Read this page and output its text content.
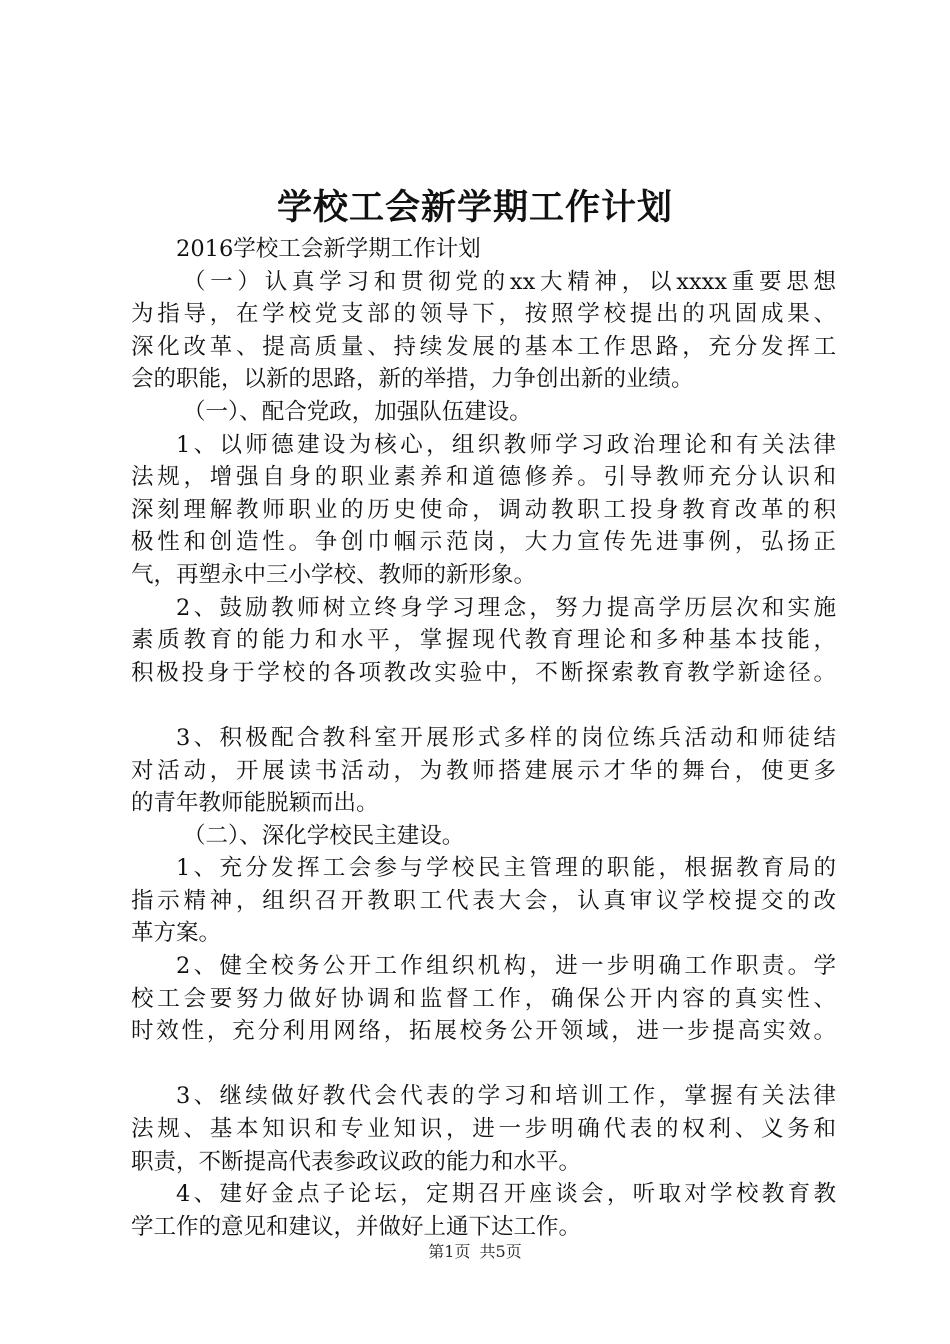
学校工会新学期工作计划
2016学校工会新学期工作计划
（一）认真学习和贯彻党的xx大精神，以xxxx重要思想
为指导，在学校党支部的领导下，按照学校提出的巩固成果、
深化改革、提高质量、持续发展的基本工作思路，充分发挥工
会的职能，以新的思路，新的举措，力争创出新的业绩。
（一）、配合党政，加强队伍建设。
1、以师德建设为核心，组织教师学习政治理论和有关法律
法规，增强自身的职业素养和道德修养。引导教师充分认识和
深刻理解教师职业的历史使命，调动教职工投身教育改革的积
极性和创造性。争创巾帼示范岗，大力宣传先进事例，弘扬正
气，再塑永中三小学校、教师的新形象。
2、鼓励教师树立终身学习理念，努力提高学历层次和实施
素质教育的能力和水平，掌握现代教育理论和多种基本技能，
积极投身于学校的各项教改实验中，不断探索教育教学新途径。
3、积极配合教科室开展形式多样的岗位练兵活动和师徒结
对活动，开展读书活动，为教师搭建展示才华的舞台，使更多
的青年教师能脱颖而出。
（二）、深化学校民主建设。
1、充分发挥工会参与学校民主管理的职能，根据教育局的
指示精神，组织召开教职工代表大会，认真审议学校提交的改
革方案。
2、健全校务公开工作组织机构，进一步明确工作职责。学
校工会要努力做好协调和监督工作，确保公开内容的真实性、
时效性，充分利用网络，拓展校务公开领域，进一步提高实效。
3、继续做好教代会代表的学习和培训工作，掌握有关法律
法规、基本知识和专业知识，进一步明确代表的权利、义务和
职责，不断提高代表参政议政的能力和水平。
4、建好金点子论坛，定期召开座谈会，听取对学校教育教
学工作的意见和建议，并做好上通下达工作。
第1页 共5页
